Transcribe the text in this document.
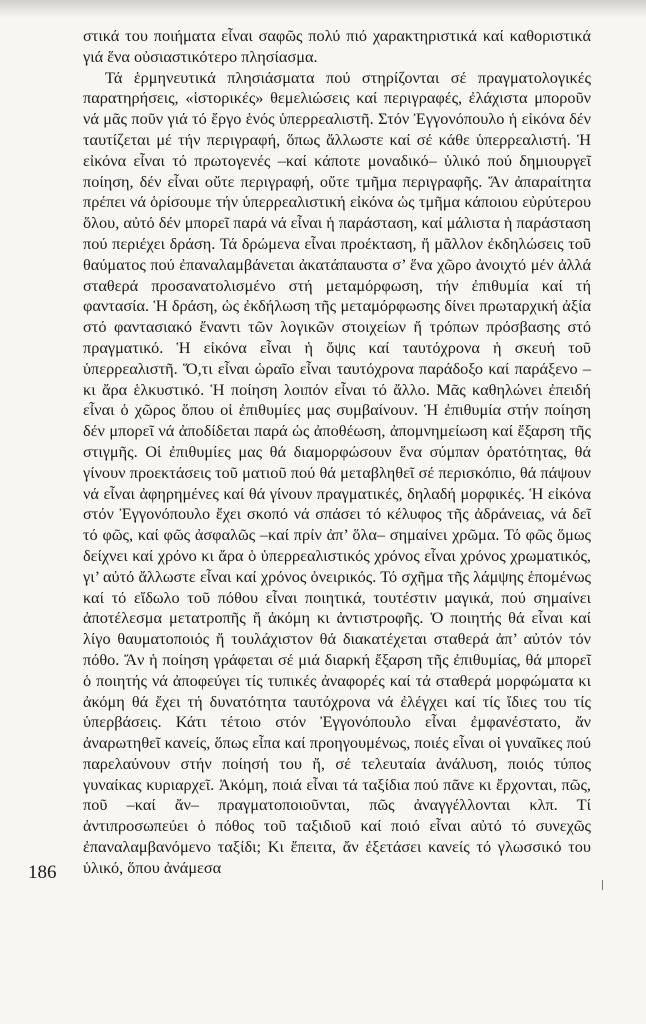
στικά του ποιήματα εἶναι σαφῶς πολύ πιό χαρακτηριστικά καί καθοριστικά γιά ἕνα οὐσιαστικότερο πλησίασμα.

Τά ἑρμηνευτικά πλησιάσματα πού στηρίζονται σέ πραγματολογικές παρατηρήσεις, «ἱστορικές» θεμελιώσεις καί περιγραφές, ἐλάχιστα μποροῦν νά μᾶς ποῦν γιά τό ἔργο ἑνός ὑπερρεαλιστῆ. Στόν Ἐγγονόπουλο ἡ εἰκόνα δέν ταυτίζεται μέ τήν περιγραφή, ὅπως ἄλλωστε καί σέ κάθε ὑπερρεαλιστή. Ἡ εἰκόνα εἶναι τό πρωτογενές –καί κάποτε μοναδικό– ὑλικό πού δημιουργεῖ ποίηση, δέν εἶναι οὔτε περιγραφή, οὔτε τμῆμα περιγραφῆς. Ἄν ἀπαραίτητα πρέπει νά ὁρίσουμε τήν ὑπερρεαλιστική εἰκόνα ὡς τμῆμα κάποιου εὐρύτερου ὅλου, αὐτό δέν μπορεῖ παρά νά εἶναι ἡ παράσταση, καί μάλιστα ἡ παράσταση πού περιέχει δράση. Τά δρώμενα εἶναι προέκταση, ἤ μᾶλλον ἐκδηλώσεις τοῦ θαύματος πού ἐπαναλαμβάνεται ἀκατάπαυστα σ’ ἕνα χῶρο ἀνοιχτό μέν ἀλλά σταθερά προσανατολισμένο στή μεταμόρφωση, τήν ἐπιθυμία καί τή φαντασία. Ἡ δράση, ὡς ἐκδήλωση τῆς μεταμόρφωσης δίνει πρωταρχική ἀξία στό φαντασιακό ἔναντι τῶν λογικῶν στοιχείων ἤ τρόπων πρόσβασης στό πραγματικό. Ἡ εἰκόνα εἶναι ἡ ὄψις καί ταυτόχρονα ἡ σκευή τοῦ ὑπερρεαλιστῆ. Ὅ,τι εἶναι ὡραῖο εἶναι ταυτόχρονα παράδοξο καί παράξενο – κι ἄρα ἑλκυστικό. Ἡ ποίηση λοιπόν εἶναι τό ἄλλο. Μᾶς καθηλώνει ἐπειδή εἶναι ὁ χῶρος ὅπου οἱ ἐπιθυμίες μας συμβαίνουν. Ἡ ἐπιθυμία στήν ποίηση δέν μπορεῖ νά ἀποδίδεται παρά ὡς ἀποθέωση, ἀπομνημείωση καί ἔξαρση τῆς στιγμῆς. Οἱ ἐπιθυμίες μας θά διαμορφώσουν ἕνα σύμπαν ὁρατότητας, θά γίνουν προεκτάσεις τοῦ ματιοῦ πού θά μεταβληθεῖ σέ περισκόπιο, θά πάψουν νά εἶναι ἀφηρημένες καί θά γίνουν πραγματικές, δηλαδή μορφικές. Ἡ εἰκόνα στόν Ἐγγονόπουλο ἔχει σκοπό νά σπάσει τό κέλυφος τῆς ἀδράνειας, νά δεῖ τό φῶς, καί φῶς ἀσφαλῶς –καί πρίν ἀπ’ ὅλα– σημαίνει χρῶμα. Τό φῶς ὅμως δείχνει καί χρόνο κι ἄρα ὁ ὑπερρεαλιστικός χρόνος εἶναι χρόνος χρωματικός, γι’ αὐτό ἄλλωστε εἶναι καί χρόνος ὀνειρικός. Τό σχῆμα τῆς λάμψης ἑπομένως καί τό εἴδωλο τοῦ πόθου εἶναι ποιητικά, τουτέστιν μαγικά, πού σημαίνει ἀποτέλεσμα μετατροπῆς ἤ ἀκόμη κι ἀντιστροφῆς. Ὁ ποιητής θά εἶναι καί λίγο θαυματοποιός ἤ τουλάχιστον θά διακατέχεται σταθερά ἀπ’ αὐτόν τόν πόθο. Ἄν ἡ ποίηση γράφεται σέ μιά διαρκή ἔξαρση τῆς ἐπιθυμίας, θά μπορεῖ ὁ ποιητής νά ἀποφεύγει τίς τυπικές ἀναφορές καί τά σταθερά μορφώματα κι ἀκόμη θά ἔχει τή δυνατότητα ταυτόχρονα νά ἐλέγχει καί τίς ἴδιες του τίς ὑπερβάσεις. Κάτι τέτοιο στόν Ἐγγονόπουλο εἶναι ἐμφανέστατο, ἄν ἀναρωτηθεῖ κανείς, ὅπως εἶπα καί προηγουμένως, ποιές εἶναι οἱ γυναῖκες πού παρελαύνουν στήν ποίησή του ἤ, σέ τελευταία ἀνάλυση, ποιός τύπος γυναίκας κυριαρχεῖ. Ἀκόμη, ποιά εἶναι τά ταξίδια πού πᾶνε κι ἔρχονται, πῶς, ποῦ –καί ἄν– πραγματοποιοῦνται, πῶς ἀναγγέλλονται κλπ. Τί ἀντιπροσωπεύει ὁ πόθος τοῦ ταξιδιοῦ καί ποιό εἶναι αὐτό τό συνεχῶς ἐπαναλαμβανόμενο ταξίδι; Κι ἔπειτα, ἄν ἐξετάσει κανείς τό γλωσσικό του ὑλικό, ὅπου ἀνάμεσα

186
